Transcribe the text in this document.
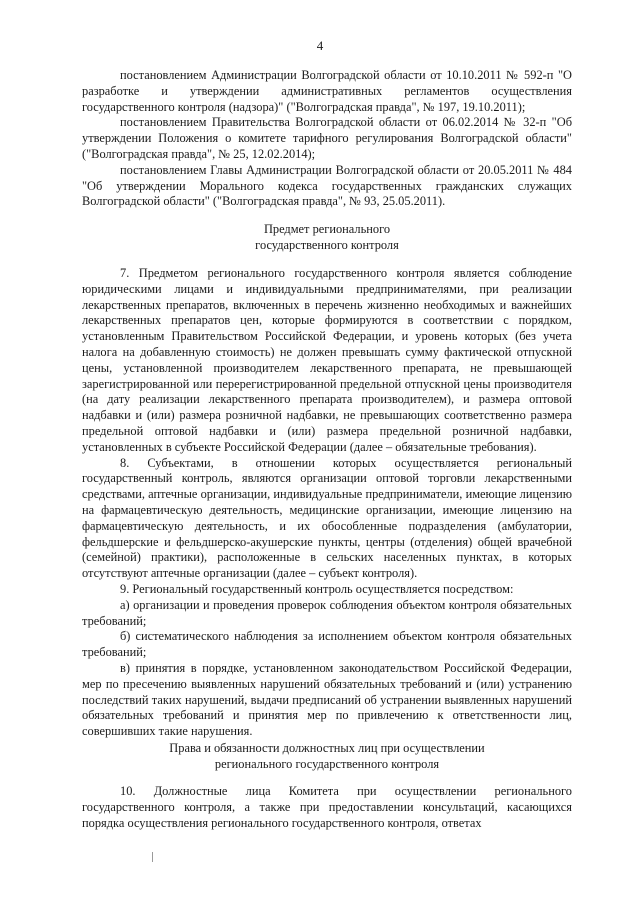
4

постановлением Администрации Волгоградской области от 10.10.2011 № 592-п "О разработке и утверждении административных регламентов осуществления государственного контроля (надзора)" ("Волгоградская правда", № 197, 19.10.2011);

постановлением Правительства Волгоградской области от 06.02.2014 № 32-п "Об утверждении Положения о комитете тарифного регулирования Волгоградской области" ("Волгоградская правда", № 25, 12.02.2014);

постановлением Главы Администрации Волгоградской области от 20.05.2011 № 484 "Об утверждении Морального кодекса государственных гражданских служащих Волгоградской области" ("Волгоградская правда", № 93, 25.05.2011).

Предмет регионального
государственного контроля

7. Предметом регионального государственного контроля является соблюдение юридическими лицами и индивидуальными предпринимателями, при реализации лекарственных препаратов, включенных в перечень жизненно необходимых и важнейших лекарственных препаратов цен, которые формируются в соответствии с порядком, установленным Правительством Российской Федерации, и уровень которых (без учета налога на добавленную стоимость) не должен превышать сумму фактической отпускной цены, установленной производителем лекарственного препарата, не превышающей зарегистрированной или перерегистрированной предельной отпускной цены производителя (на дату реализации лекарственного препарата производителем), и размера оптовой надбавки и (или) размера розничной надбавки, не превышающих соответственно размера предельной оптовой надбавки и (или) размера предельной розничной надбавки, установленных в субъекте Российской Федерации (далее – обязательные требования).

8. Субъектами, в отношении которых осуществляется региональный государственный контроль, являются организации оптовой торговли лекарственными средствами, аптечные организации, индивидуальные предприниматели, имеющие лицензию на фармацевтическую деятельность, медицинские организации, имеющие лицензию на фармацевтическую деятельность, и их обособленные подразделения (амбулатории, фельдшерские и фельдшерско-акушерские пункты, центры (отделения) общей врачебной (семейной) практики), расположенные в сельских населенных пунктах, в которых отсутствуют аптечные организации (далее – субъект контроля).

9. Региональный государственный контроль осуществляется посредством:

а) организации и проведения проверок соблюдения объектом контроля обязательных требований;

б) систематического наблюдения за исполнением объектом контроля обязательных требований;

в) принятия в порядке, установленном законодательством Российской Федерации, мер по пресечению выявленных нарушений обязательных требований и (или) устранению последствий таких нарушений, выдачи предписаний об устранении выявленных нарушений обязательных требований и принятия мер по привлечению к ответственности лиц, совершивших такие нарушения.

Права и обязанности должностных лиц при осуществлении
регионального государственного контроля

10. Должностные лица Комитета при осуществлении регионального государственного контроля, а также при предоставлении консультаций, касающихся порядка осуществления регионального государственного контроля, ответах
